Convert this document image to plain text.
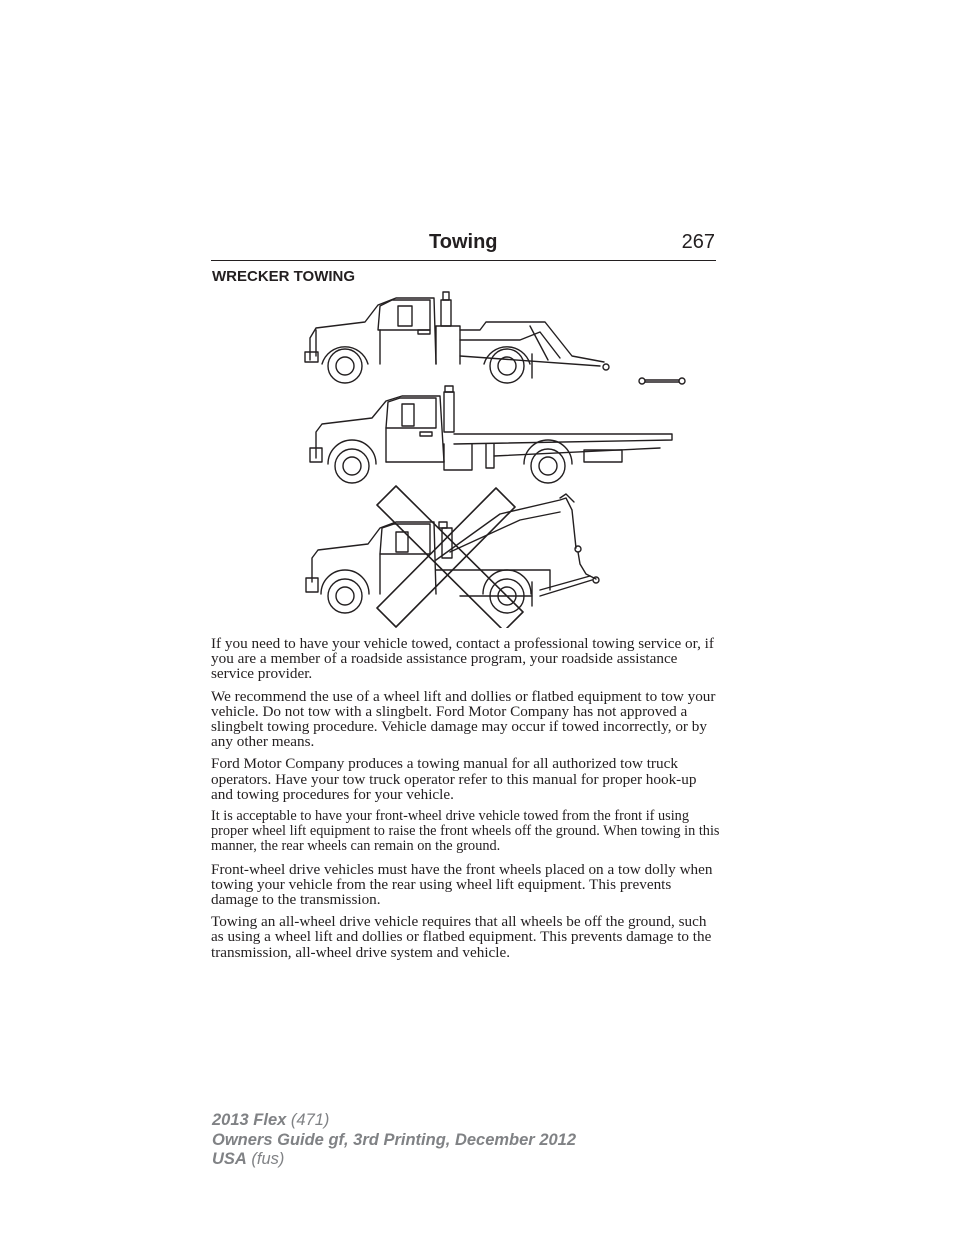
Towing	267
WRECKER TOWING

If you need to have your vehicle towed, contact a professional towing service or, if you are a member of a roadside assistance program, your roadside assistance service provider.

We recommend the use of a wheel lift and dollies or flatbed equipment to tow your vehicle. Do not tow with a slingbelt. Ford Motor Company has not approved a slingbelt towing procedure. Vehicle damage may occur if towed incorrectly, or by any other means.

Ford Motor Company produces a towing manual for all authorized tow truck operators. Have your tow truck operator refer to this manual for proper hook-up and towing procedures for your vehicle.

It is acceptable to have your front-wheel drive vehicle towed from the front if using proper wheel lift equipment to raise the front wheels off the ground. When towing in this manner, the rear wheels can remain on the ground.

Front-wheel drive vehicles must have the front wheels placed on a tow dolly when towing your vehicle from the rear using wheel lift equipment. This prevents damage to the transmission.

Towing an all-wheel drive vehicle requires that all wheels be off the ground, such as using a wheel lift and dollies or flatbed equipment. This prevents damage to the transmission, all-wheel drive system and vehicle.

2013 Flex (471)
Owners Guide gf, 3rd Printing, December 2012
USA (fus)
